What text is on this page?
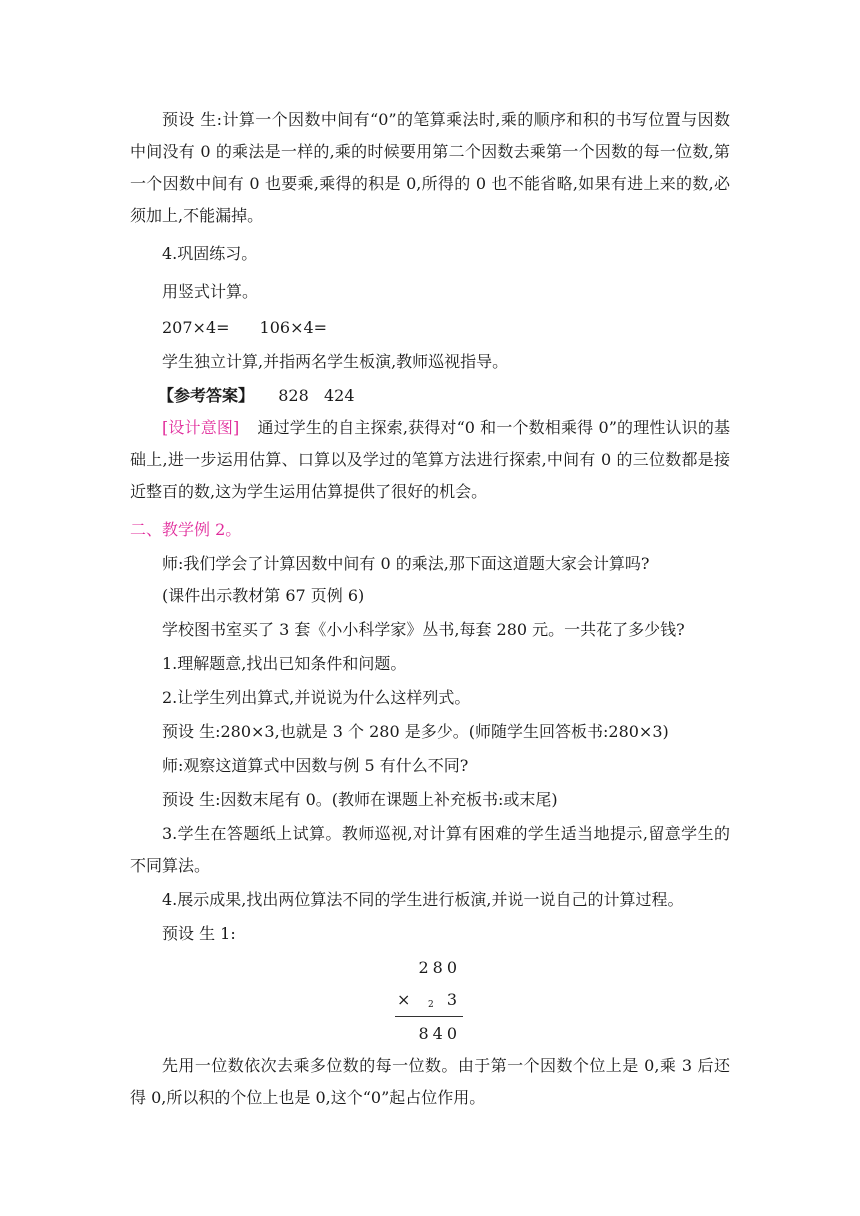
预设 生:计算一个因数中间有“0”的笔算乘法时,乘的顺序和积的书写位置与因数中间没有 0 的乘法是一样的,乘的时候要用第二个因数去乘第一个因数的每一位数,第一个因数中间有 0 也要乘,乘得的积是 0,所得的 0 也不能省略,如果有进上来的数,必须加上,不能漏掉。

4.巩固练习。

用竖式计算。

207×4= 106×4=

学生独立计算,并指两名学生板演,教师巡视指导。

【参考答案】 828   424
[设计意图] 通过学生的自主探索,获得对“0 和一个数相乘得 0”的理性认识的基础上,进一步运用估算、口算以及学过的笔算方法进行探索,中间有 0 的三位数都是接近整百的数,这为学生运用估算提供了很好的机会。

二、教学例 2。

师:我们学会了计算因数中间有 0 的乘法,那下面这道题大家会计算吗?

(课件出示教材第 67 页例 6)

学校图书室买了 3 套《小小科学家》丛书,每套 280 元。一共花了多少钱?

1.理解题意,找出已知条件和问题。

2.让学生列出算式,并说说为什么这样列式。

预设 生:280×3,也就是 3 个 280 是多少。(师随学生回答板书:280×3)

师:观察这道算式中因数与例 5 有什么不同?

预设 生:因数末尾有 0。(教师在课题上补充板书:或末尾)

3.学生在答题纸上试算。教师巡视,对计算有困难的学生适当地提示,留意学生的不同算法。

4.展示成果,找出两位算法不同的学生进行板演,并说一说自己的计算过程。

预设 生 1:

280
× 2 3
840

先用一位数依次去乘多位数的每一位数。由于第一个因数个位上是 0,乘 3 后还得 0,所以积的个位上也是 0,这个“0”起占位作用。
